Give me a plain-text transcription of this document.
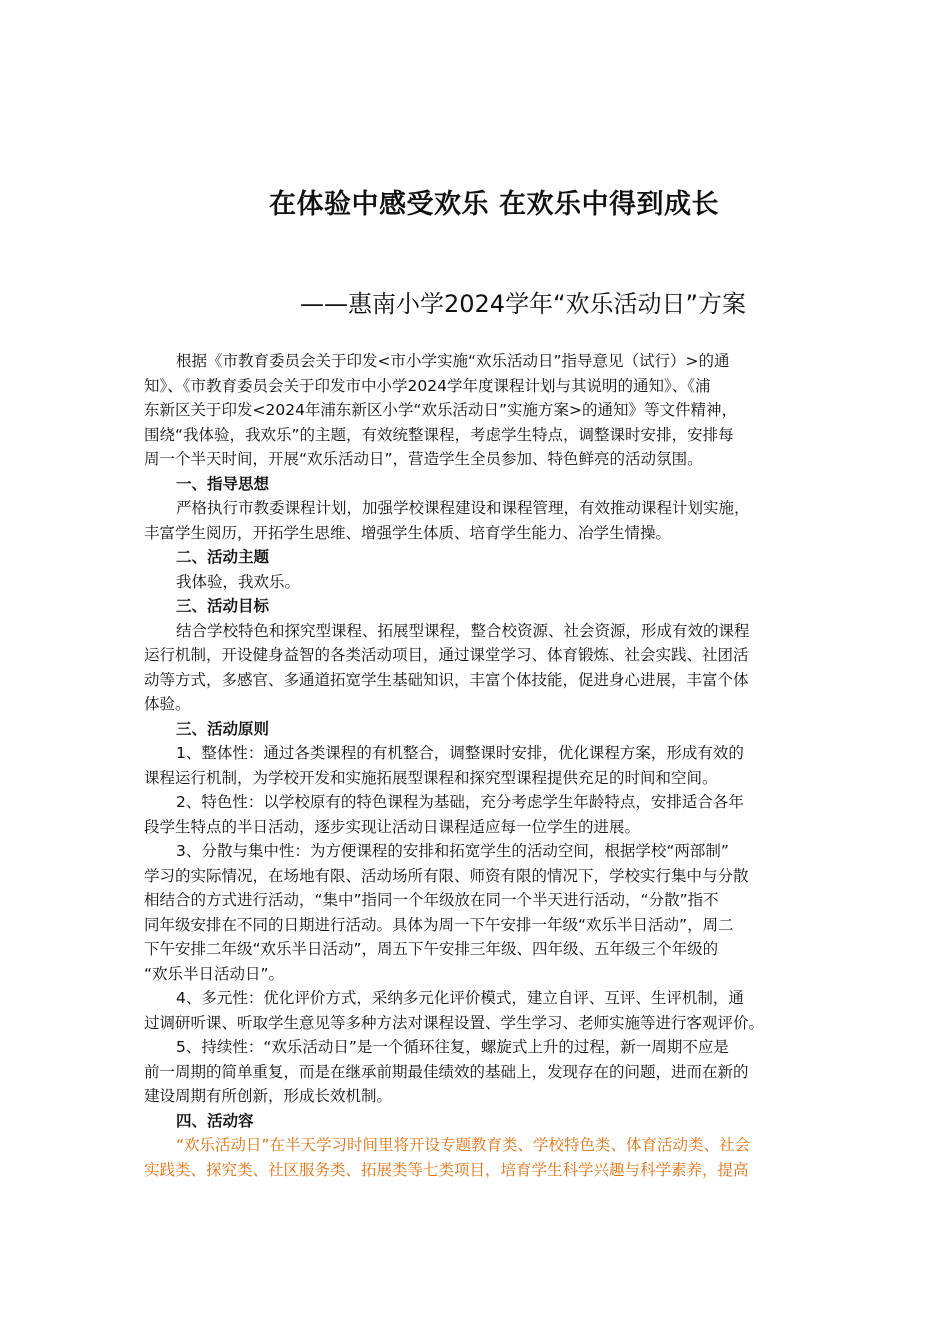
在体验中感受欢乐 在欢乐中得到成长
——惠南小学2024学年“欢乐活动日”方案
根据《市教育委员会关于印发<市小学实施“欢乐活动日”指导意见（试行）>的通
知》、《市教育委员会关于印发市中小学2024学年度课程计划与其说明的通知》、《浦
东新区关于印发<2024年浦东新区小学“欢乐活动日”实施方案>的通知》等文件精神，
围绕“我体验，我欢乐”的主题，有效统整课程，考虑学生特点，调整课时安排，安排每
周一个半天时间，开展“欢乐活动日”，营造学生全员参加、特色鲜亮的活动氛围。
一、指导思想
严格执行市教委课程计划，加强学校课程建设和课程管理，有效推动课程计划实施，
丰富学生阅历，开拓学生思维、增强学生体质、培育学生能力、冶学生情操。
二、活动主题
我体验，我欢乐。
三、活动目标
结合学校特色和探究型课程、拓展型课程，整合校资源、社会资源，形成有效的课程
运行机制，开设健身益智的各类活动项目，通过课堂学习、体育锻炼、社会实践、社团活
动等方式，多感官、多通道拓宽学生基础知识，丰富个体技能，促进身心进展，丰富个体
体验。
三、活动原则
1、整体性：通过各类课程的有机整合，调整课时安排，优化课程方案，形成有效的
课程运行机制，为学校开发和实施拓展型课程和探究型课程提供充足的时间和空间。
2、特色性：以学校原有的特色课程为基础，充分考虑学生年龄特点，安排适合各年
段学生特点的半日活动，逐步实现让活动日课程适应每一位学生的进展。
3、分散与集中性：为方便课程的安排和拓宽学生的活动空间，根据学校“两部制”
学习的实际情况，在场地有限、活动场所有限、师资有限的情况下，学校实行集中与分散
相结合的方式进行活动，“集中”指同一个年级放在同一个半天进行活动，“分散”指不
同年级安排在不同的日期进行活动。具体为周一下午安排一年级“欢乐半日活动”，周二
下午安排二年级“欢乐半日活动”，周五下午安排三年级、四年级、五年级三个年级的
“欢乐半日活动日”。
4、多元性：优化评价方式，采纳多元化评价模式，建立自评、互评、生评机制，通
过调研听课、听取学生意见等多种方法对课程设置、学生学习、老师实施等进行客观评价。
5、持续性：“欢乐活动日”是一个循环往复，螺旋式上升的过程，新一周期不应是
前一周期的简单重复，而是在继承前期最佳绩效的基础上，发现存在的问题，进而在新的
建设周期有所创新，形成长效机制。
四、活动容
“欢乐活动日”在半天学习时间里将开设专题教育类、学校特色类、体育活动类、社会
实践类、探究类、社区服务类、拓展类等七类项目，培育学生科学兴趣与科学素养，提高
